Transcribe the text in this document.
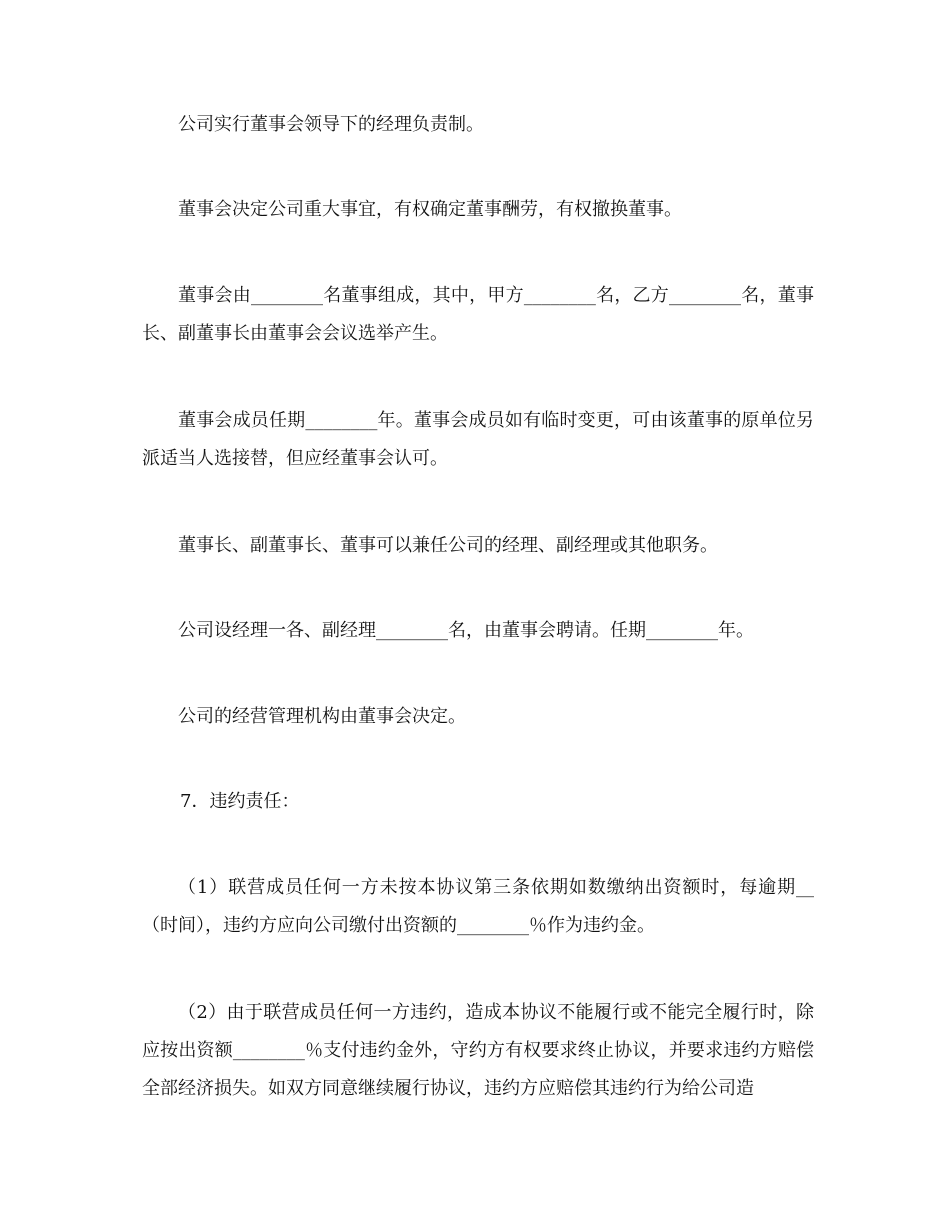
公司实行董事会领导下的经理负责制。

董事会决定公司重大事宜，有权确定董事酬劳，有权撤换董事。

董事会由________名董事组成，其中，甲方________名，乙方________名，董事长、副董事长由董事会会议选举产生。

董事会成员任期________年。董事会成员如有临时变更，可由该董事的原单位另派适当人选接替，但应经董事会认可。

董事长、副董事长、董事可以兼任公司的经理、副经理或其他职务。

公司设经理一各、副经理________名，由董事会聘请。任期________年。

公司的经营管理机构由董事会决定。

7．违约责任：

（1）联营成员任何一方未按本协议第三条依期如数缴纳出资额时，每逾期__（时间），违约方应向公司缴付出资额的________％作为违约金。

（2）由于联营成员任何一方违约，造成本协议不能履行或不能完全履行时，除应按出资额________％支付违约金外，守约方有权要求终止协议，并要求违约方赔偿全部经济损失。如双方同意继续履行协议，违约方应赔偿其违约行为给公司造
